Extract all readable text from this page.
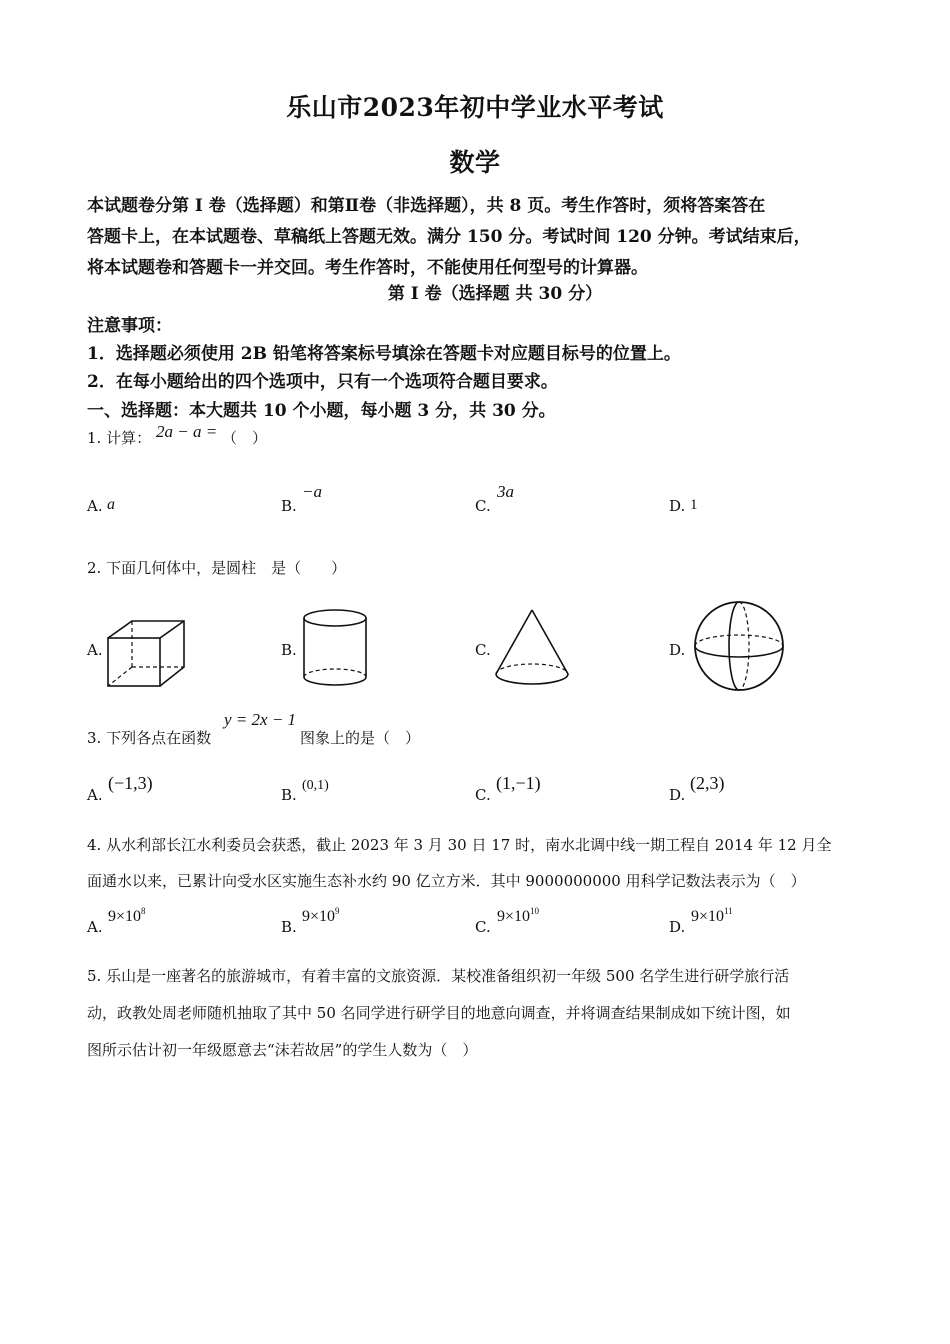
乐山市2023年初中学业水平考试
数学
本试题卷分第 I 卷（选择题）和第Ⅱ卷（非选择题），共 8 页。考生作答时，须将答案答在
答题卡上，在本试题卷、草稿纸上答题无效。满分 150 分。考试时间 120 分钟。考试结束后，
将本试题卷和答题卡一并交回。考生作答时，不能使用任何型号的计算器。
第 I 卷（选择题 共 30 分）
注意事项：
1．选择题必须使用 2B 铅笔将答案标号填涂在答题卡对应题目标号的位置上。
2．在每小题给出的四个选项中，只有一个选项符合题目要求。
一、选择题：本大题共 10 个小题，每小题 3 分，共 30 分。
1. 计算： 2a − a = （　）
A. a	B.
−a
C.
3a
D. 1
2. 下面几何体中，是圆柱　是（　　）
A.	B.	C.	D.
3. 下列各点在函数
y = 2x − 1
图象上的是（　）
A.
(−1,3)
B.
(0,1)
C.
(1,−1)
D.
(2,3)
4. 从水利部长江水利委员会获悉，截止 2023 年 3 月 30 日 17 时，南水北调中线一期工程自 2014 年 12 月全
面通水以来，已累计向受水区实施生态补水约 90 亿立方米．其中 9000000000 用科学记数法表示为（　）
A.
$9\times 10^8$
B.
$9\times 10^9$
C.
$9\times 10^{10}$
D.
$9\times 10^{11}$
5. 乐山是一座著名的旅游城市，有着丰富的文旅资源．某校准备组织初一年级 500 名学生进行研学旅行活
动，政教处周老师随机抽取了其中 50 名同学进行研学目的地意向调查，并将调查结果制成如下统计图，如
图所示估计初一年级愿意去“沫若故居”的学生人数为（　）
